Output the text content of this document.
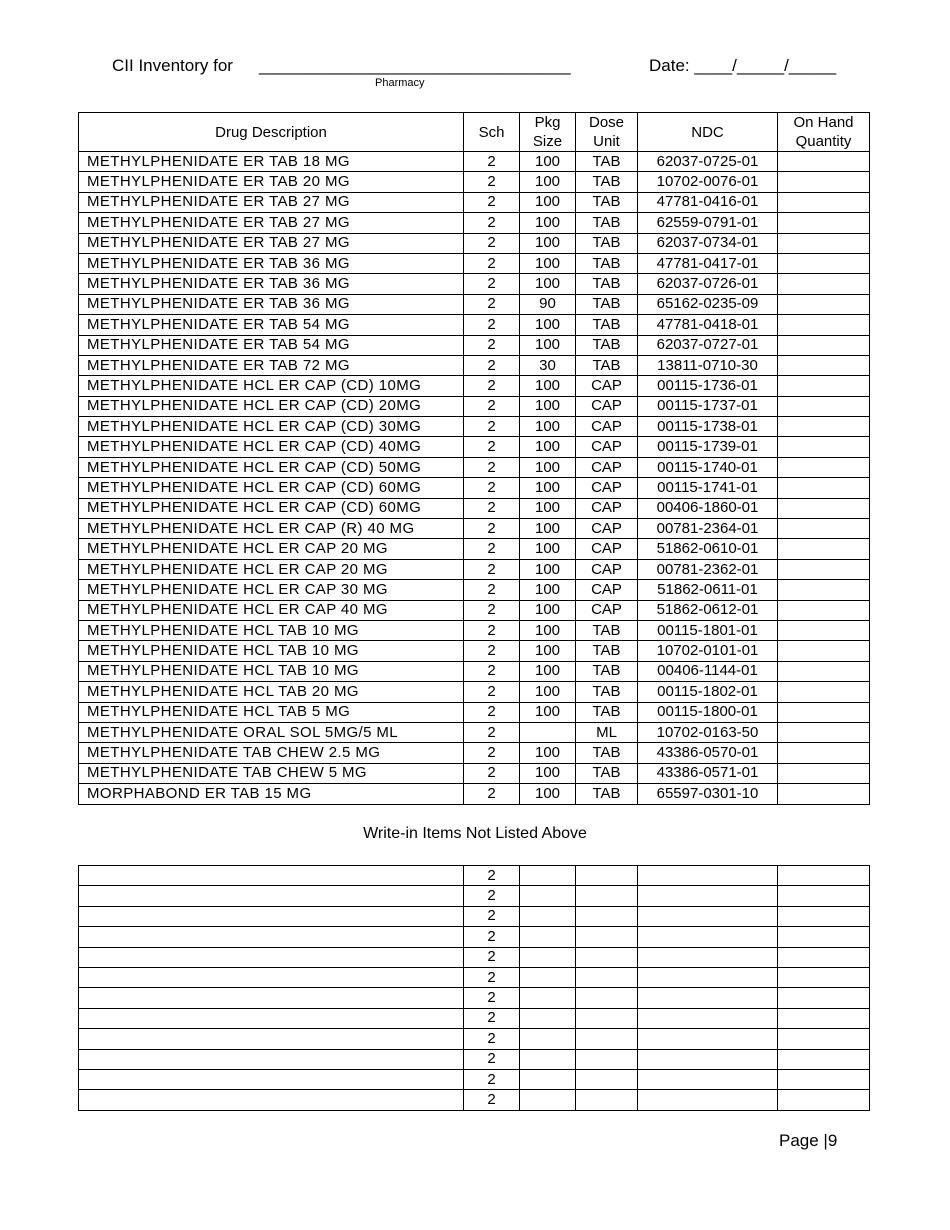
CII Inventory for __________________________________
Pharmacy
Date: ____/_____/_____
Drug Description	Sch	Pkg Size	Dose Unit	NDC	On Hand Quantity
METHYLPHENIDATE ER TAB 18 MG	2	100	TAB	62037-0725-01	
METHYLPHENIDATE ER TAB 20 MG	2	100	TAB	10702-0076-01	
METHYLPHENIDATE ER TAB 27 MG	2	100	TAB	47781-0416-01	
METHYLPHENIDATE ER TAB 27 MG	2	100	TAB	62559-0791-01	
METHYLPHENIDATE ER TAB 27 MG	2	100	TAB	62037-0734-01	
METHYLPHENIDATE ER TAB 36 MG	2	100	TAB	47781-0417-01	
METHYLPHENIDATE ER TAB 36 MG	2	100	TAB	62037-0726-01	
METHYLPHENIDATE ER TAB 36 MG	2	90	TAB	65162-0235-09	
METHYLPHENIDATE ER TAB 54 MG	2	100	TAB	47781-0418-01	
METHYLPHENIDATE ER TAB 54 MG	2	100	TAB	62037-0727-01	
METHYLPHENIDATE ER TAB 72 MG	2	30	TAB	13811-0710-30	
METHYLPHENIDATE HCL ER CAP (CD) 10MG	2	100	CAP	00115-1736-01	
METHYLPHENIDATE HCL ER CAP (CD) 20MG	2	100	CAP	00115-1737-01	
METHYLPHENIDATE HCL ER CAP (CD) 30MG	2	100	CAP	00115-1738-01	
METHYLPHENIDATE HCL ER CAP (CD) 40MG	2	100	CAP	00115-1739-01	
METHYLPHENIDATE HCL ER CAP (CD) 50MG	2	100	CAP	00115-1740-01	
METHYLPHENIDATE HCL ER CAP (CD) 60MG	2	100	CAP	00115-1741-01	
METHYLPHENIDATE HCL ER CAP (CD) 60MG	2	100	CAP	00406-1860-01	
METHYLPHENIDATE HCL ER CAP (R) 40 MG	2	100	CAP	00781-2364-01	
METHYLPHENIDATE HCL ER CAP 20 MG	2	100	CAP	51862-0610-01	
METHYLPHENIDATE HCL ER CAP 20 MG	2	100	CAP	00781-2362-01	
METHYLPHENIDATE HCL ER CAP 30 MG	2	100	CAP	51862-0611-01	
METHYLPHENIDATE HCL ER CAP 40 MG	2	100	CAP	51862-0612-01	
METHYLPHENIDATE HCL TAB 10 MG	2	100	TAB	00115-1801-01	
METHYLPHENIDATE HCL TAB 10 MG	2	100	TAB	10702-0101-01	
METHYLPHENIDATE HCL TAB 10 MG	2	100	TAB	00406-1144-01	
METHYLPHENIDATE HCL TAB 20 MG	2	100	TAB	00115-1802-01	
METHYLPHENIDATE HCL TAB 5 MG	2	100	TAB	00115-1800-01	
METHYLPHENIDATE ORAL SOL 5MG/5 ML	2		ML	10702-0163-50	
METHYLPHENIDATE TAB CHEW 2.5 MG	2	100	TAB	43386-0570-01	
METHYLPHENIDATE TAB CHEW 5 MG	2	100	TAB	43386-0571-01	
MORPHABOND ER TAB 15 MG	2	100	TAB	65597-0301-10	
Write-in Items Not Listed Above
	2				
	2				
	2				
	2				
	2				
	2				
	2				
	2				
	2				
	2				
	2				
	2				
Page |9
